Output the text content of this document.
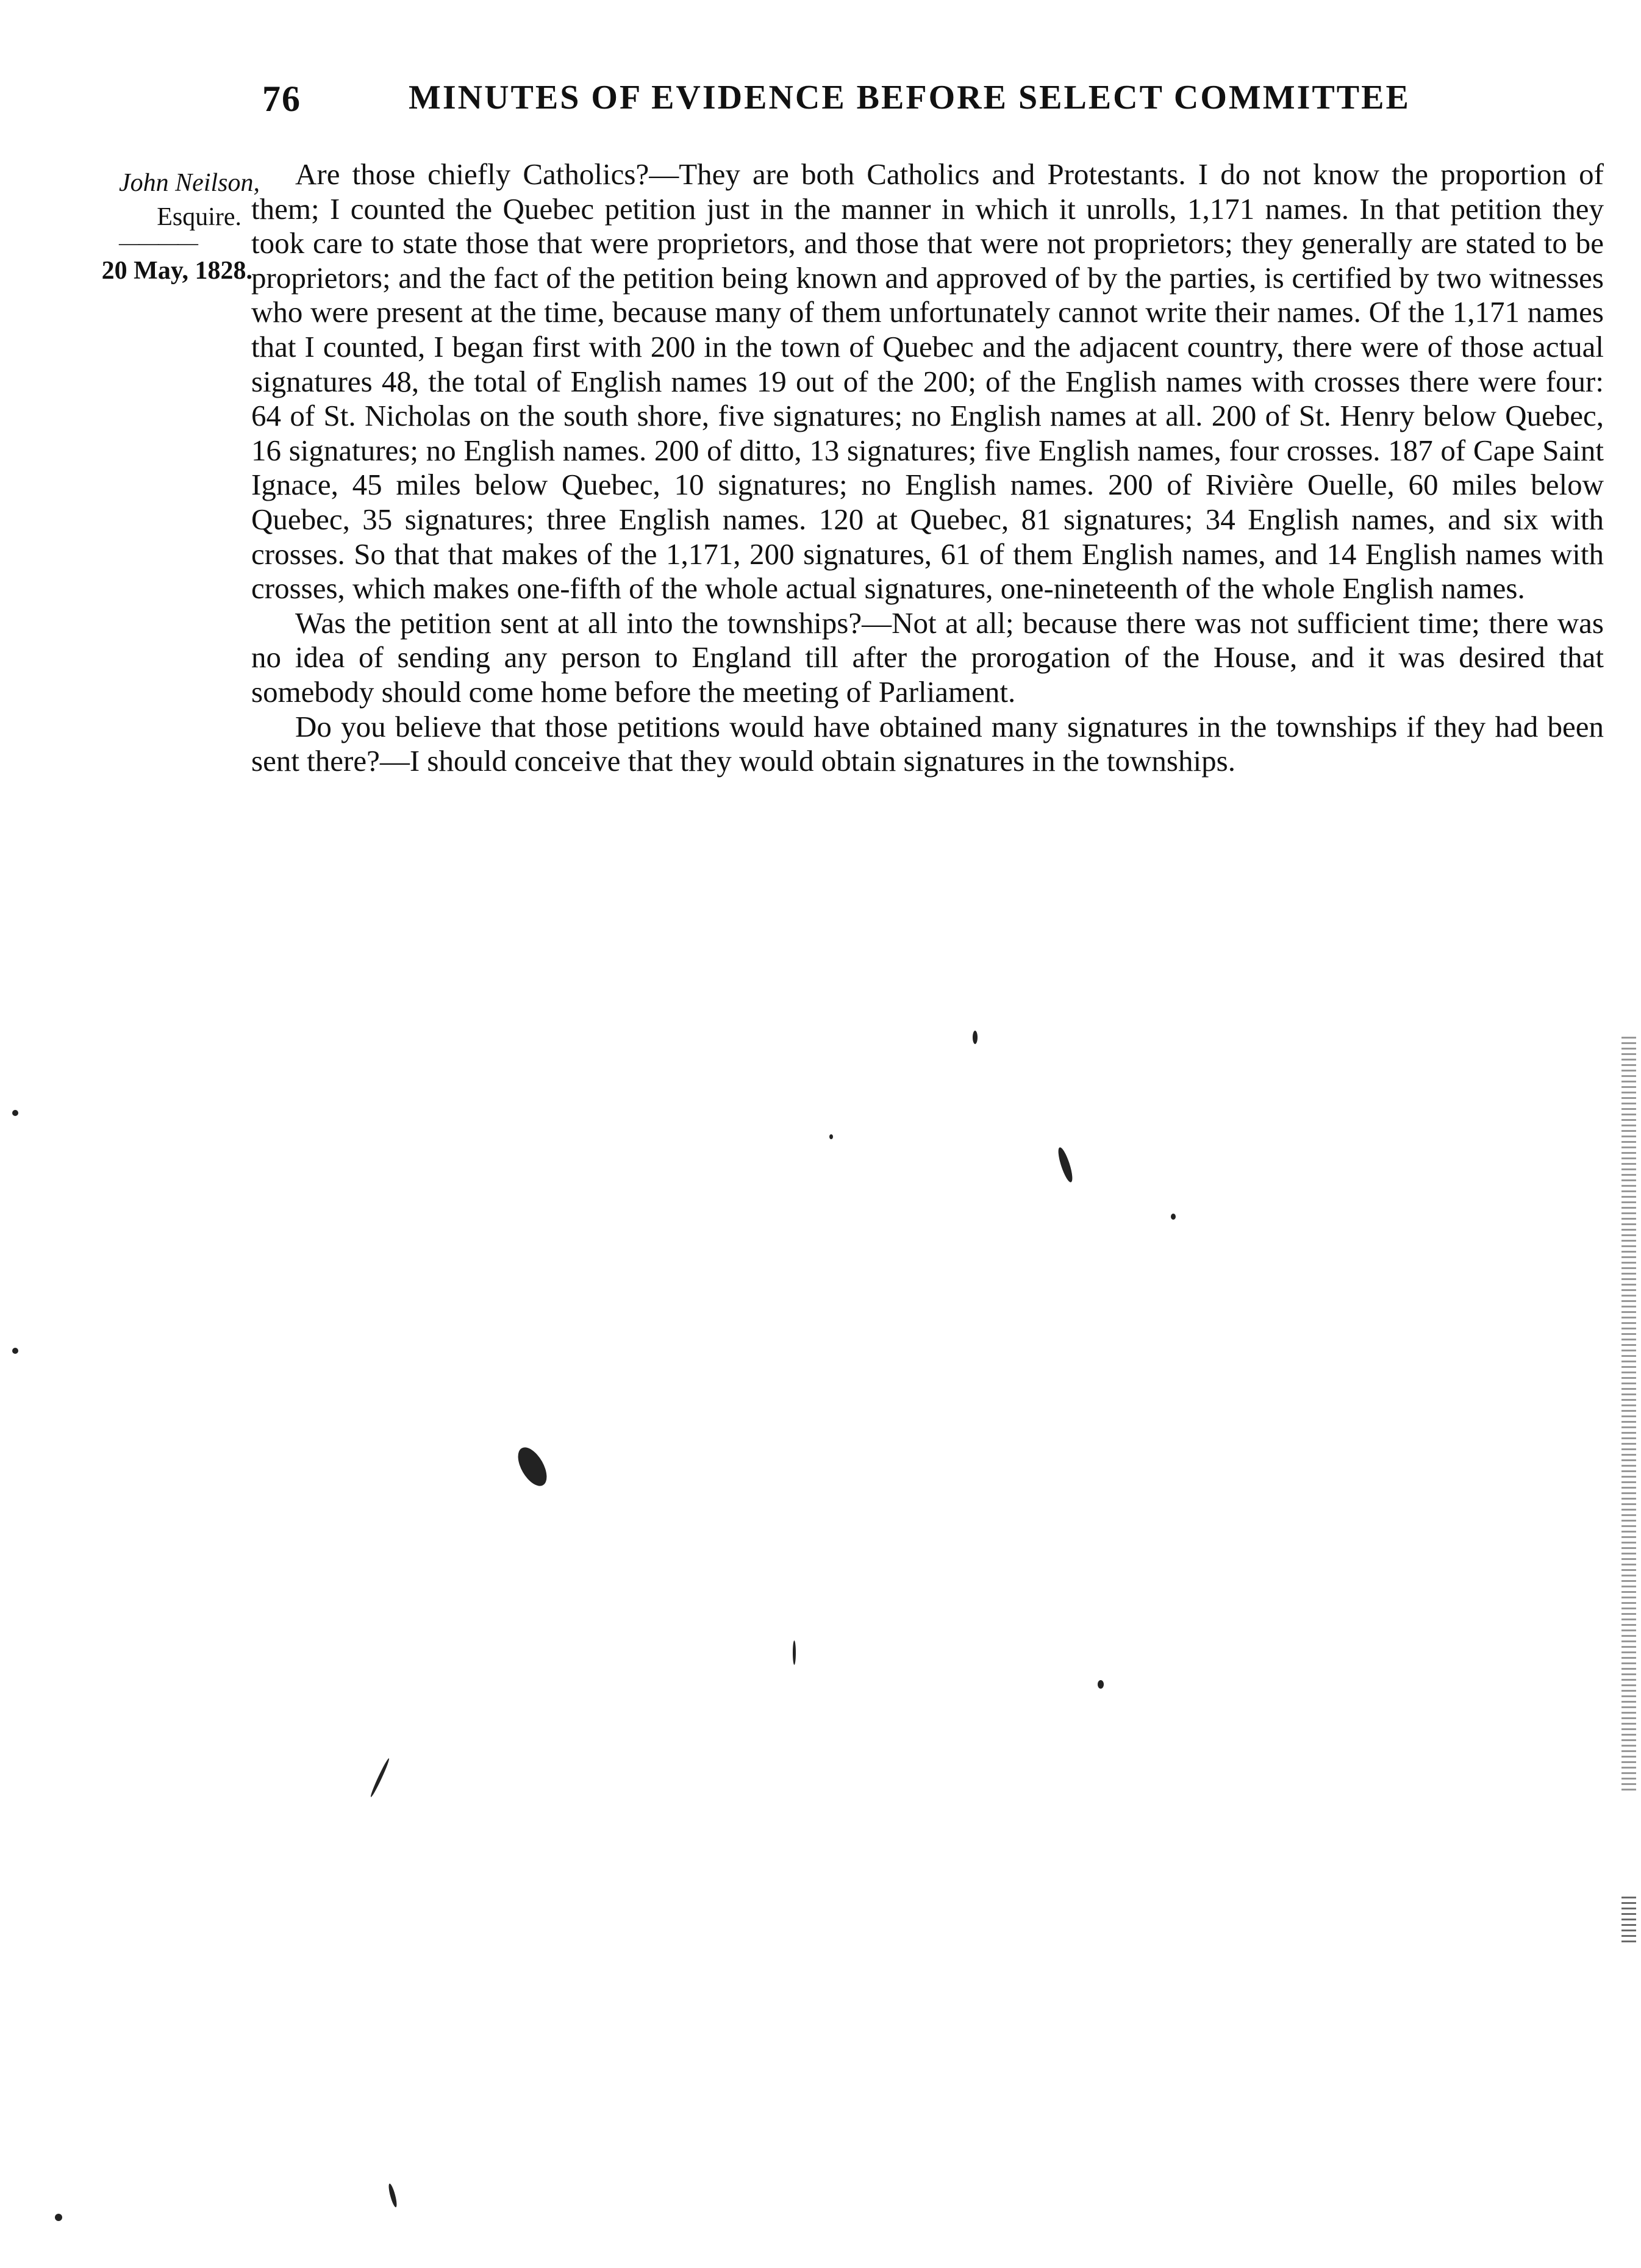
76	MINUTES OF EVIDENCE BEFORE SELECT COMMITTEE
John Neilson,
Esquire.
――――
20 May, 1828.

Are those chiefly Catholics?—They are both Catholics and Protestants. I do not know the proportion of them; I counted the Quebec petition just in the manner in which it unrolls, 1,171 names. In that petition they took care to state those that were proprietors, and those that were not proprietors; they generally are stated to be proprietors; and the fact of the petition being known and approved of by the parties, is certified by two witnesses who were present at the time, because many of them unfortunately cannot write their names. Of the 1,171 names that I counted, I began first with 200 in the town of Quebec and the adjacent country, there were of those actual signatures 48, the total of English names 19 out of the 200; of the English names with crosses there were four: 64 of St. Nicholas on the south shore, five signatures; no English names at all. 200 of St. Henry below Quebec, 16 signatures; no English names. 200 of ditto, 13 signatures; five English names, four crosses. 187 of Cape Saint Ignace, 45 miles below Quebec, 10 signatures; no English names. 200 of Rivière Ouelle, 60 miles below Quebec, 35 signatures; three English names. 120 at Quebec, 81 signatures; 34 English names, and six with crosses. So that that makes of the 1,171, 200 signatures, 61 of them English names, and 14 English names with crosses, which makes one-fifth of the whole actual signatures, one-nineteenth of the whole English names.

Was the petition sent at all into the townships?—Not at all; because there was not sufficient time; there was no idea of sending any person to England till after the prorogation of the House, and it was desired that somebody should come home before the meeting of Parliament.

Do you believe that those petitions would have obtained many signatures in the townships if they had been sent there?—I should conceive that they would obtain signatures in the townships.
